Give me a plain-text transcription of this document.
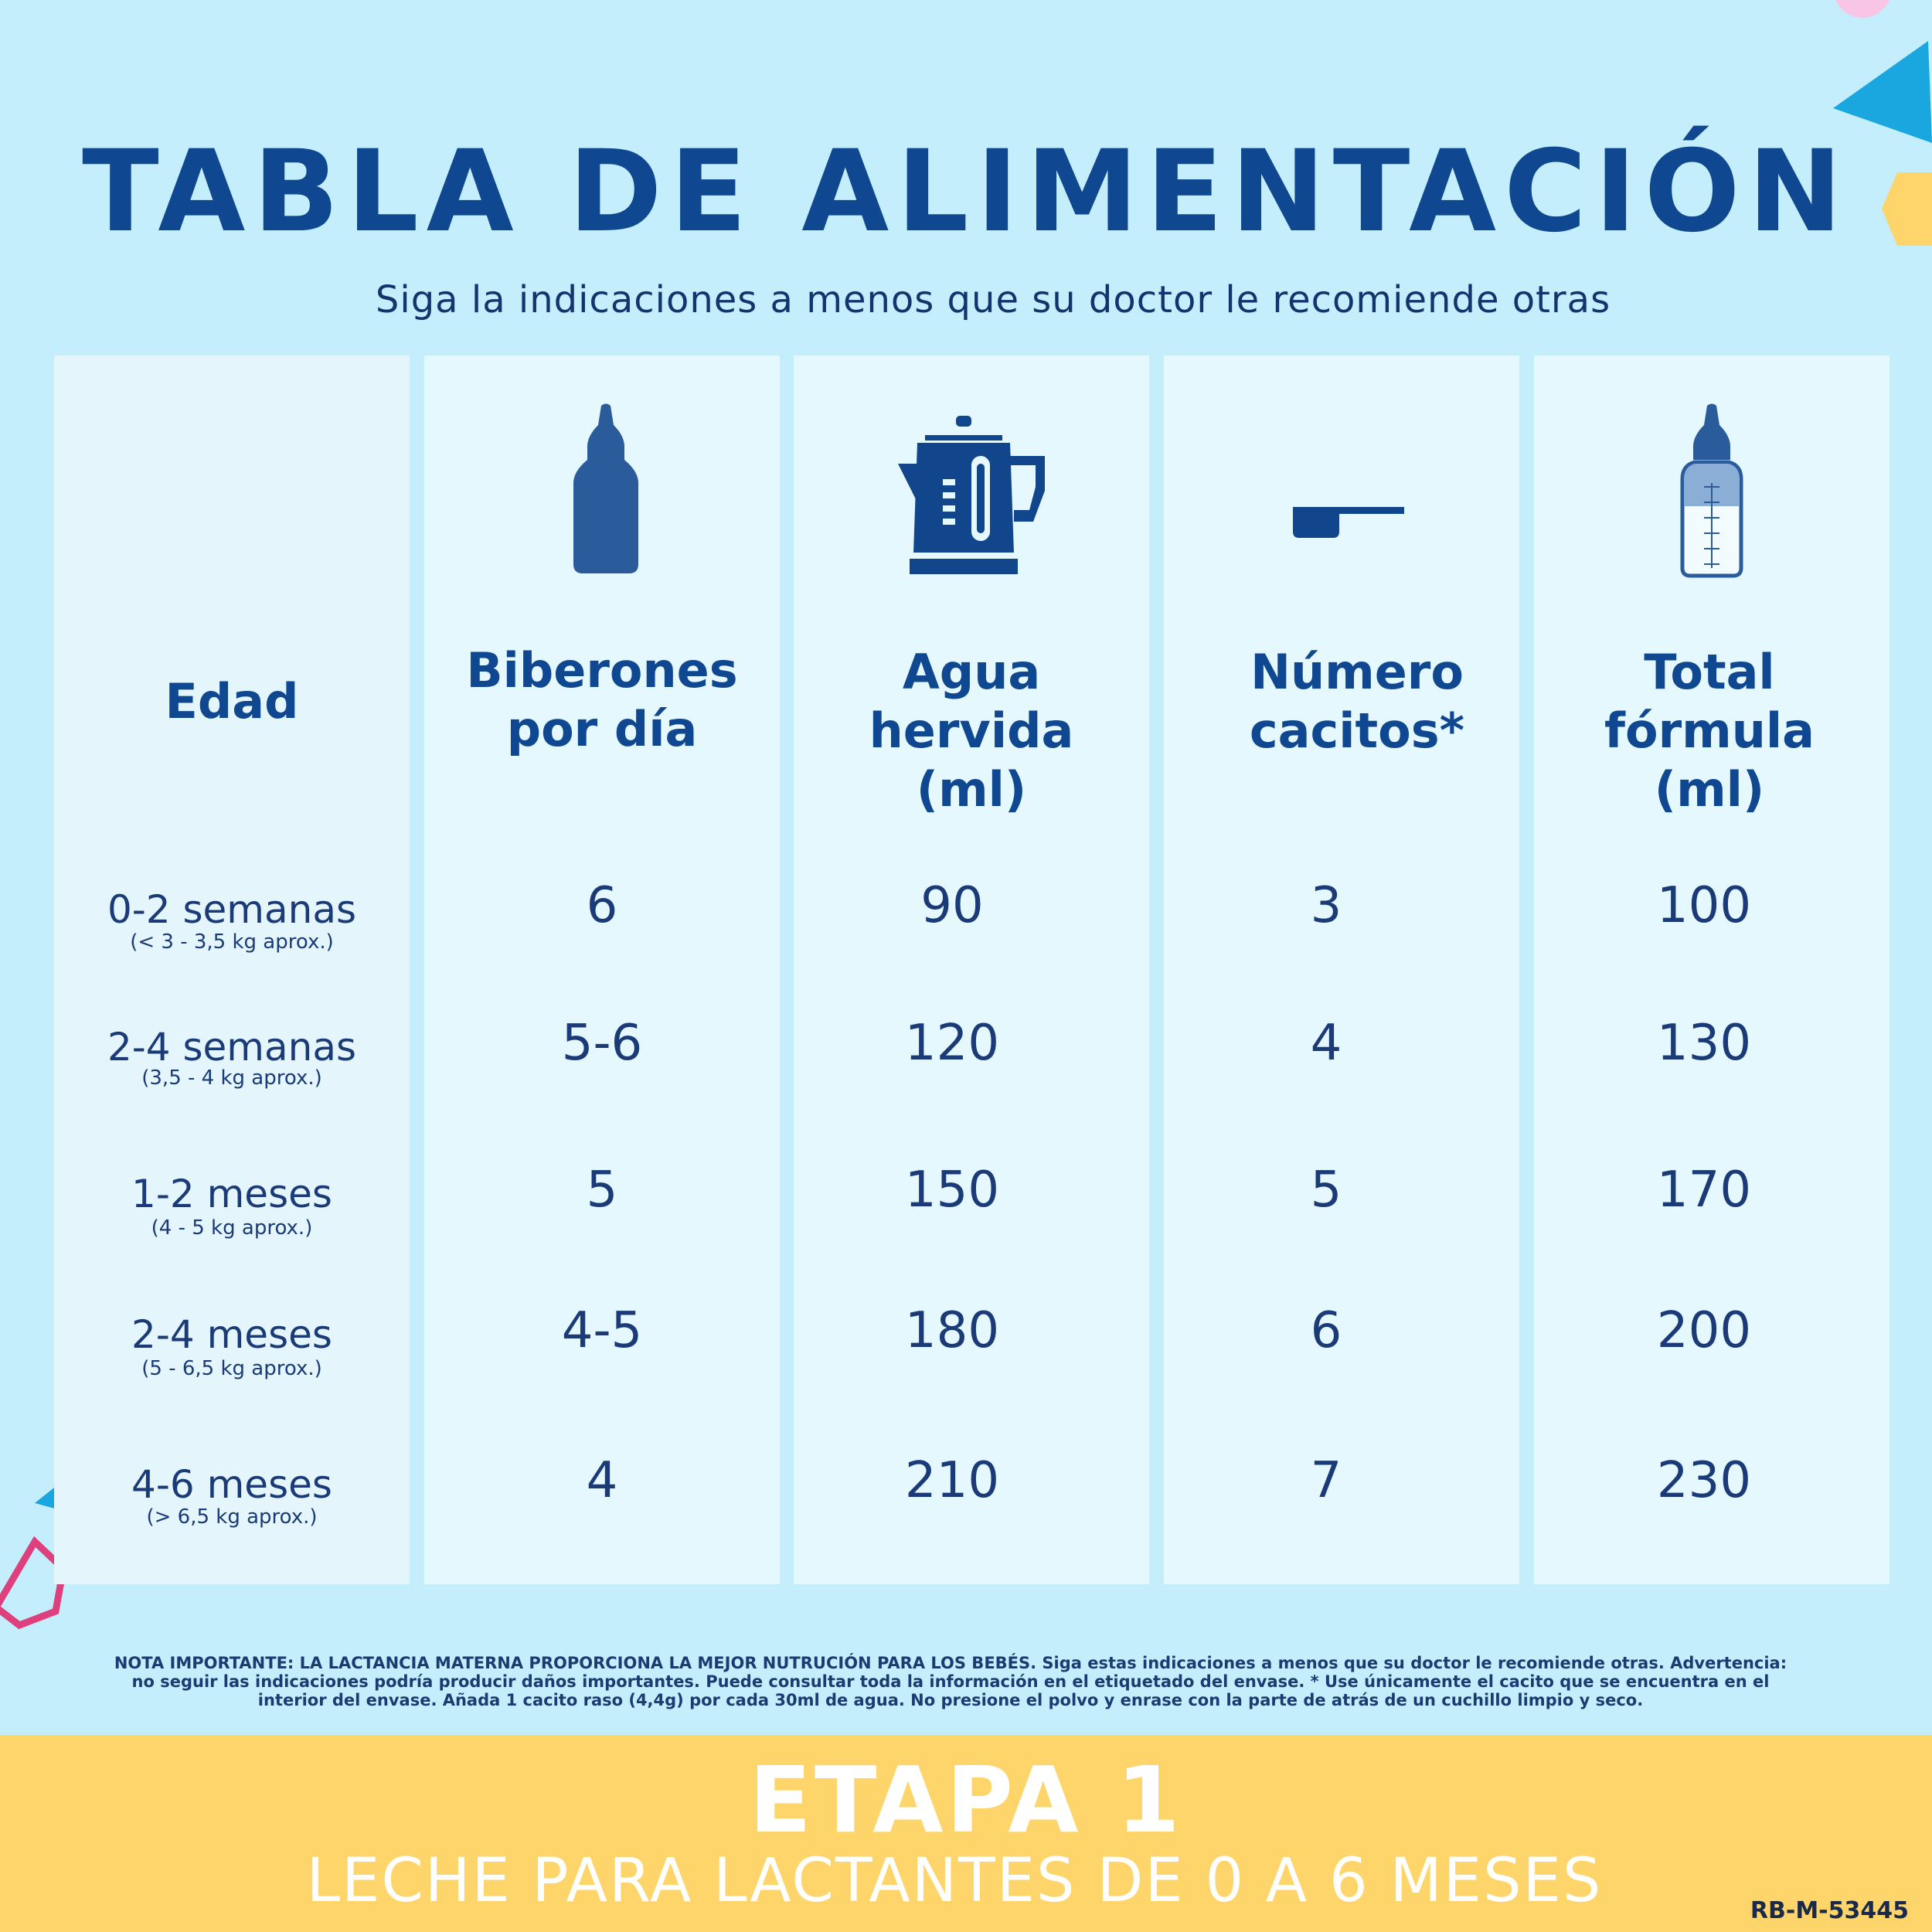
TABLA DE ALIMENTACIÓN
Siga la indicaciones a menos que su doctor le recomiende otras
Edad
0-2 semanas
(< 3 - 3,5 kg aprox.)
2-4 semanas
(3,5 - 4 kg aprox.)
1-2 meses
(4 - 5 kg aprox.)
2-4 meses
(5 - 6,5 kg aprox.)
4-6 meses
(> 6,5 kg aprox.)
Biberones
por día
6
5-6
5
4-5
4
Agua
hervida
(ml)
90
120
150
180
210
Número
cacitos*
3
4
5
6
7
Total
fórmula
(ml)
100
130
170
200
230
NOTA IMPORTANTE: LA LACTANCIA MATERNA PROPORCIONA LA MEJOR NUTRUCIÓN PARA LOS BEBÉS. Siga estas indicaciones a menos que su doctor le recomiende otras. Advertencia: no seguir las indicaciones podría producir daños importantes. Puede consultar toda la información en el etiquetado del envase. * Use únicamente el cacito que se encuentra en el interior del envase. Añada 1 cacito raso (4,4g) por cada 30ml de agua. No presione el polvo y enrase con la parte de atrás de un cuchillo limpio y seco.
ETAPA 1
LECHE PARA LACTANTES DE 0 A 6 MESES	RB-M-53445
